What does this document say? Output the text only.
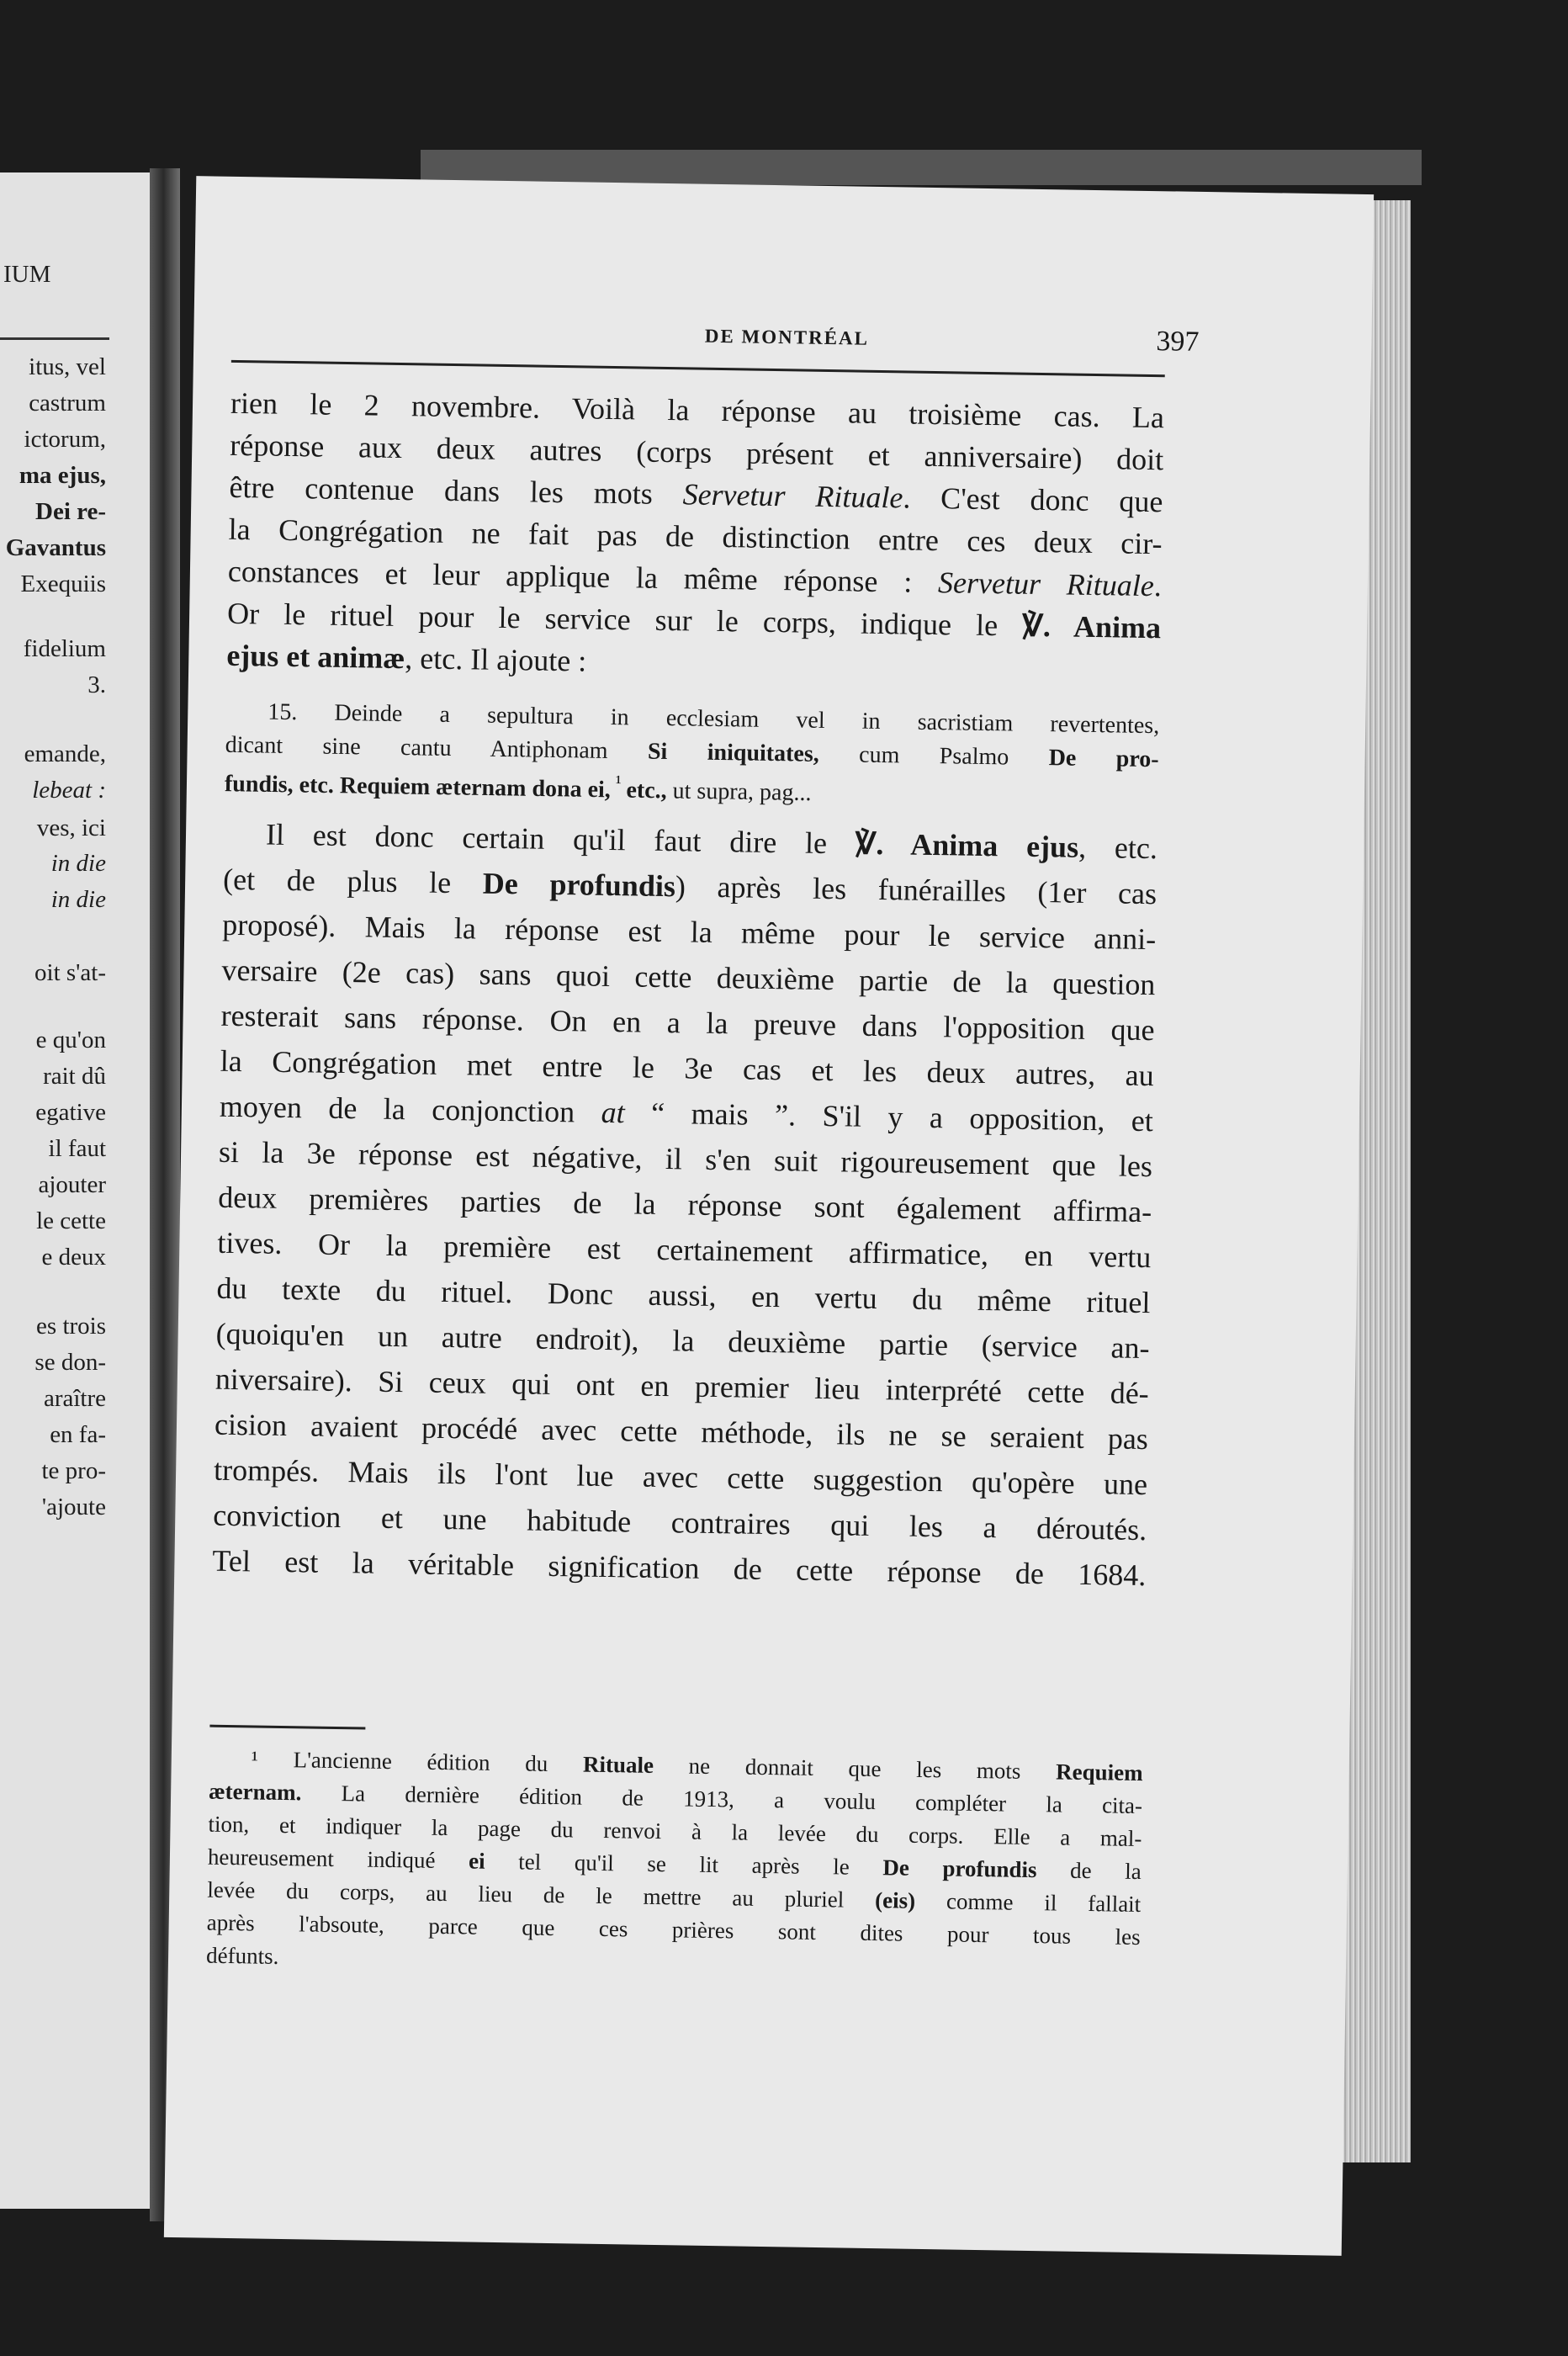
IUM
itus, vel
castrum
ictorum,
ma ejus,
Dei re-
Gavantus
Exequiis
fidelium
3.
emande,
lebeat :
ves, ici
in die
in die
oit s'at-
e qu'on
rait dû
egative
il faut
ajouter
le cette
e deux
es trois
se don-
araître
en fa-
te pro-
'ajoute
DE MONTRÉAL	397
rien le 2 novembre. Voilà la réponse au troisième cas. La
réponse aux deux autres (corps présent et anniversaire) doit
être contenue dans les mots Servetur Rituale. C'est donc que
la Congrégation ne fait pas de distinction entre ces deux cir-
constances et leur applique la même réponse : Servetur Rituale.
Or le rituel pour le service sur le corps, indique le ℣. Anima
ejus et animæ, etc. Il ajoute :
15. Deinde a sepultura in ecclesiam vel in sacristiam revertentes,
dicant sine cantu Antiphonam Si iniquitates, cum Psalmo De pro-
fundis, etc. Requiem æternam dona ei, $^{^1}$ etc., ut supra, pag...
Il est donc certain qu'il faut dire le ℣. Anima ejus, etc.
(et de plus le De profundis) après les funérailles (1er cas
proposé). Mais la réponse est la même pour le service anni-
versaire (2e cas) sans quoi cette deuxième partie de la question
resterait sans réponse. On en a la preuve dans l'opposition que
la Congrégation met entre le 3e cas et les deux autres, au
moyen de la conjonction at “ mais ”. S'il y a opposition, et
si la 3e réponse est négative, il s'en suit rigoureusement que les
deux premières parties de la réponse sont également affirma-
tives. Or la première est certainement affirmatice, en vertu
du texte du rituel. Donc aussi, en vertu du même rituel
(quoiqu'en un autre endroit), la deuxième partie (service an-
niversaire). Si ceux qui ont en premier lieu interprété cette dé-
cision avaient procédé avec cette méthode, ils ne se seraient pas
trompés. Mais ils l'ont lue avec cette suggestion qu'opère une
conviction et une habitude contraires qui les a déroutés.
Tel est la véritable signification de cette réponse de 1684.
¹ L'ancienne édition du Rituale ne donnait que les mots Requiem
æternam. La dernière édition de 1913, a voulu compléter la cita-
tion, et indiquer la page du renvoi à la levée du corps. Elle a mal-
heureusement indiqué ei tel qu'il se lit après le De profundis de la
levée du corps, au lieu de le mettre au pluriel (eis) comme il fallait
après l'absoute, parce que ces prières sont dites pour tous les
défunts.
